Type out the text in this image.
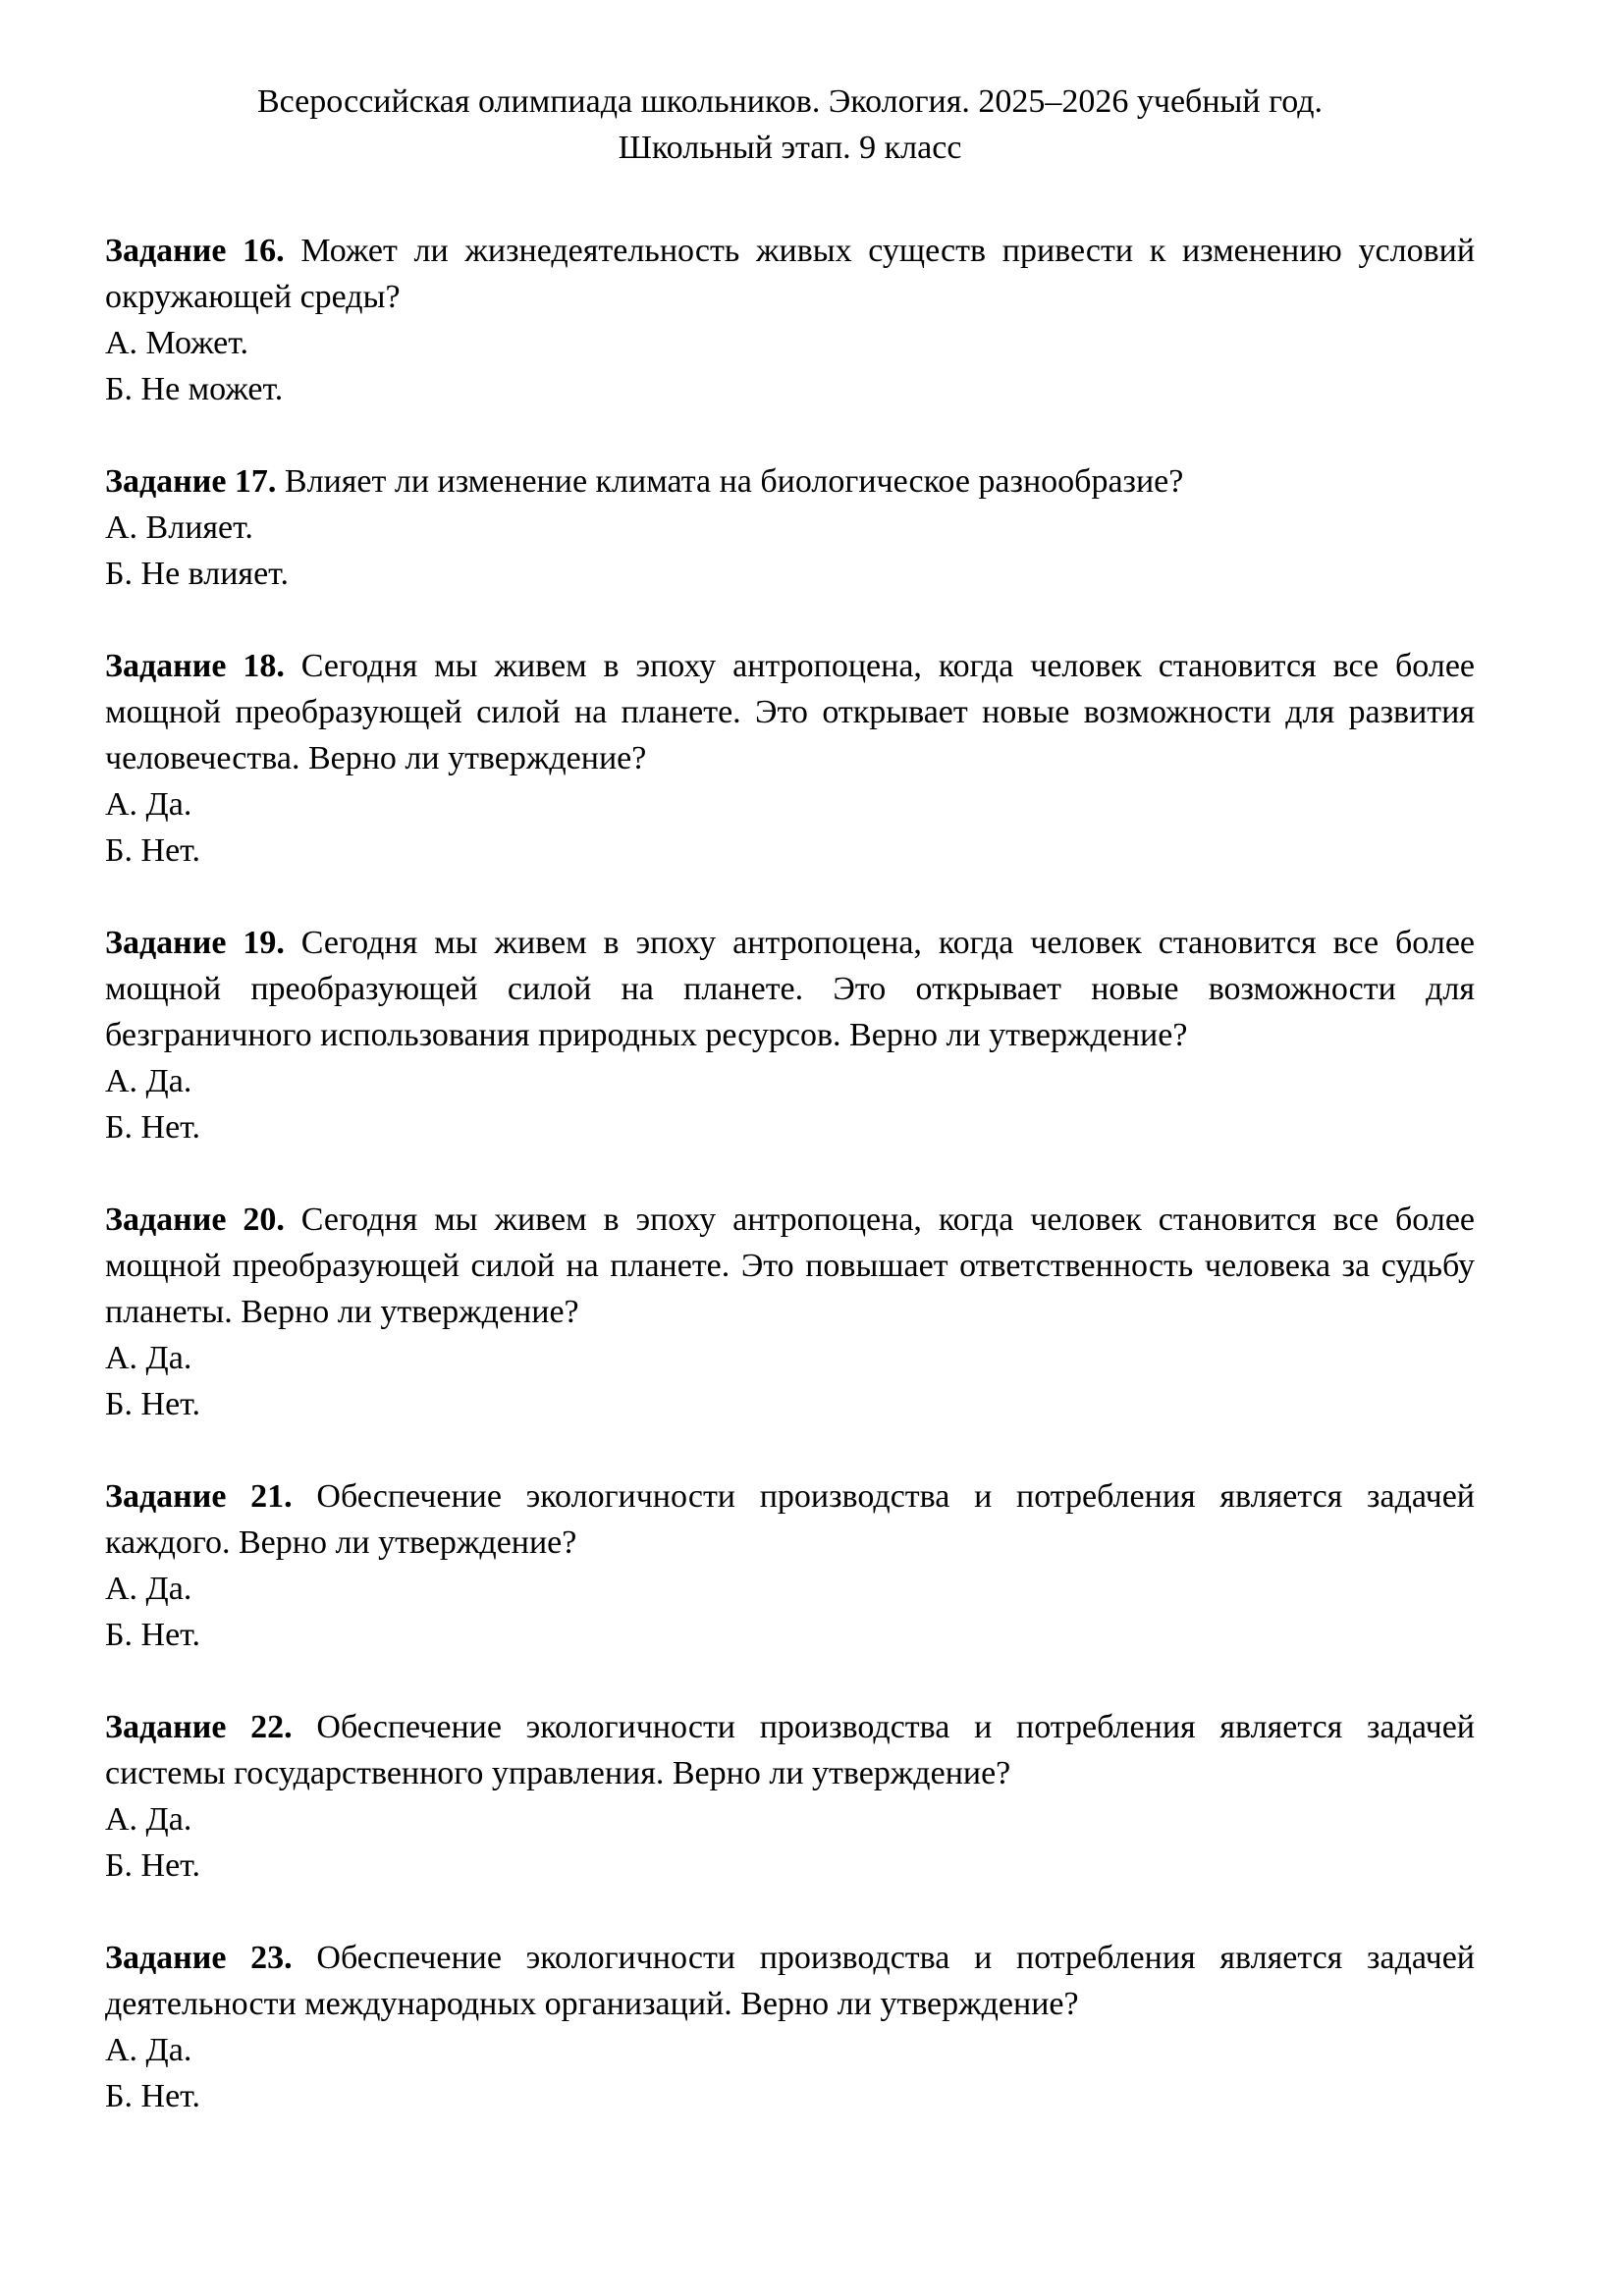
Всероссийская олимпиада школьников. Экология. 2025–2026 учебный год.
Школьный этап. 9 класс

Задание 16. Может ли жизнедеятельность живых существ привести к изменению условий окружающей среды?

А. Может.
Б. Не может.

Задание 17. Влияет ли изменение климата на биологическое разнообразие?

А. Влияет.
Б. Не влияет.

Задание 18. Сегодня мы живем в эпоху антропоцена, когда человек становится все более мощной преобразующей силой на планете. Это открывает новые возможности для развития человечества. Верно ли утверждение?

А. Да.
Б. Нет.

Задание 19. Сегодня мы живем в эпоху антропоцена, когда человек становится все более мощной преобразующей силой на планете. Это открывает новые возможности для безграничного использования природных ресурсов. Верно ли утверждение?

А. Да.
Б. Нет.

Задание 20. Сегодня мы живем в эпоху антропоцена, когда человек становится все более мощной преобразующей силой на планете. Это повышает ответственность человека за судьбу планеты. Верно ли утверждение?

А. Да.
Б. Нет.

Задание 21. Обеспечение экологичности производства и потребления является задачей каждого. Верно ли утверждение?

А. Да.
Б. Нет.

Задание 22. Обеспечение экологичности производства и потребления является задачей системы государственного управления. Верно ли утверждение?

А. Да.
Б. Нет.

Задание 23. Обеспечение экологичности производства и потребления является задачей деятельности международных организаций. Верно ли утверждение?

А. Да.
Б. Нет.
